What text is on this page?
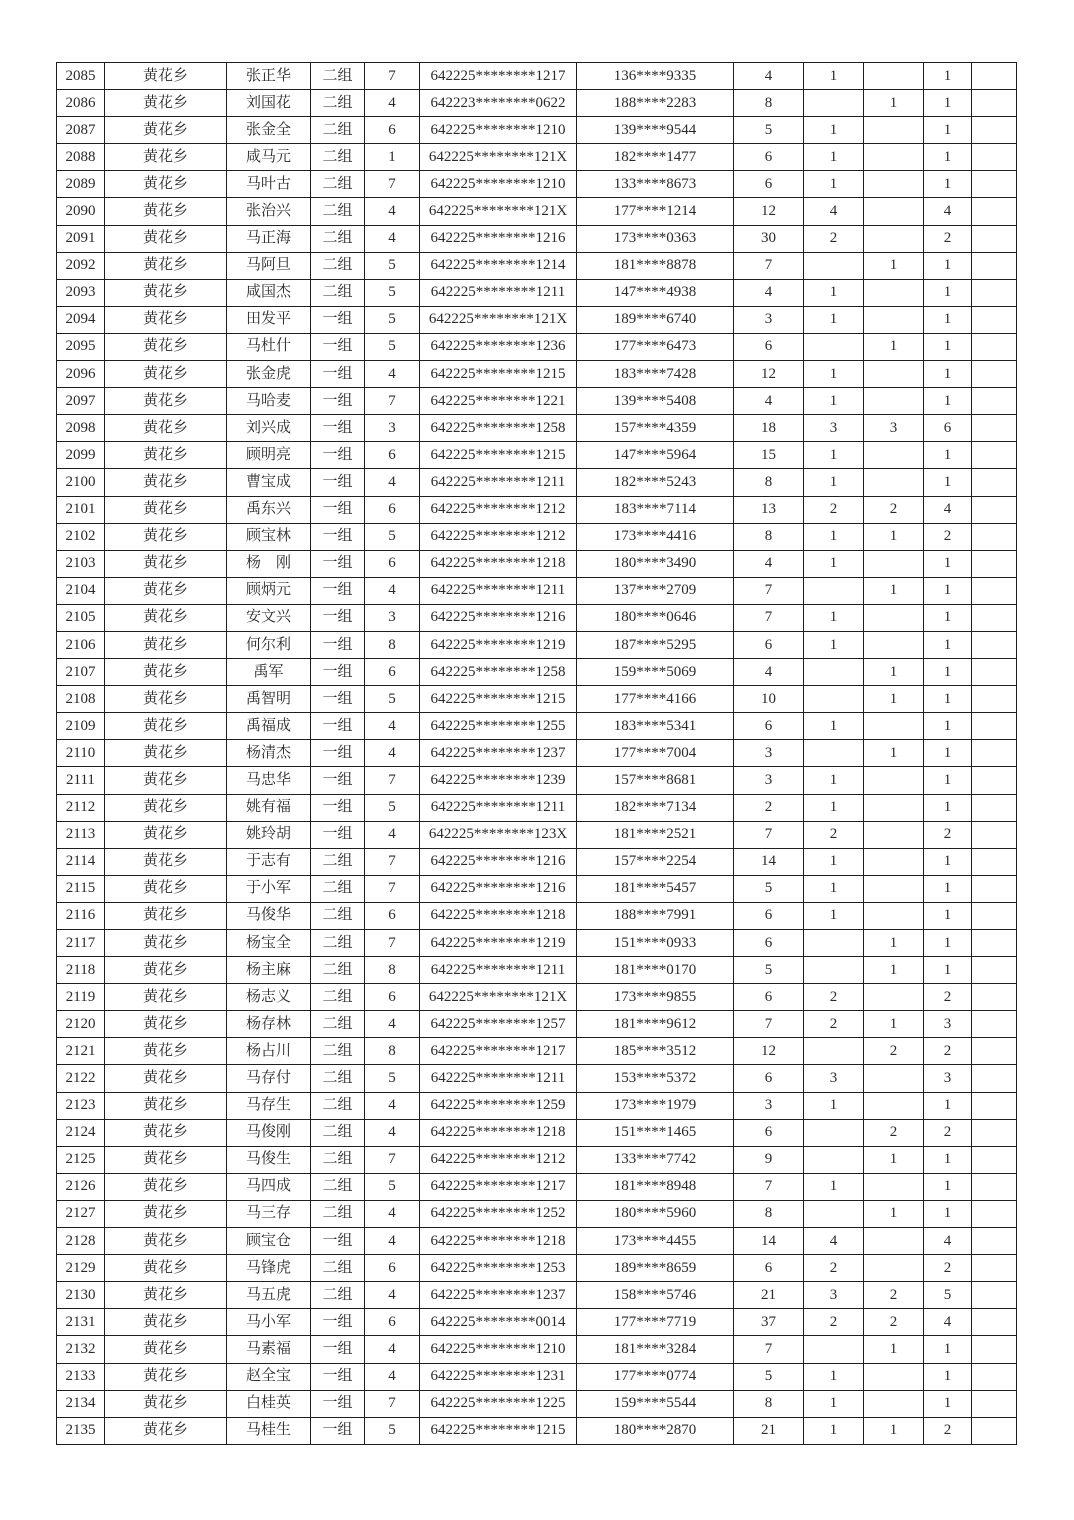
2085	黄花乡	张正华	二组	7	642225********1217	136****9335	4	1		1	
2086	黄花乡	刘国花	二组	4	642223********0622	188****2283	8		1	1	
2087	黄花乡	张金全	二组	6	642225********1210	139****9544	5	1		1	
2088	黄花乡	咸马元	二组	1	642225********121X	182****1477	6	1		1	
2089	黄花乡	马叶古	二组	7	642225********1210	133****8673	6	1		1	
2090	黄花乡	张治兴	二组	4	642225********121X	177****1214	12	4		4	
2091	黄花乡	马正海	二组	4	642225********1216	173****0363	30	2		2	
2092	黄花乡	马阿旦	二组	5	642225********1214	181****8878	7		1	1	
2093	黄花乡	咸国杰	二组	5	642225********1211	147****4938	4	1		1	
2094	黄花乡	田发平	一组	5	642225********121X	189****6740	3	1		1	
2095	黄花乡	马杜什	一组	5	642225********1236	177****6473	6		1	1	
2096	黄花乡	张金虎	一组	4	642225********1215	183****7428	12	1		1	
2097	黄花乡	马哈麦	一组	7	642225********1221	139****5408	4	1		1	
2098	黄花乡	刘兴成	一组	3	642225********1258	157****4359	18	3	3	6	
2099	黄花乡	顾明亮	一组	6	642225********1215	147****5964	15	1		1	
2100	黄花乡	曹宝成	一组	4	642225********1211	182****5243	8	1		1	
2101	黄花乡	禹东兴	一组	6	642225********1212	183****7114	13	2	2	4	
2102	黄花乡	顾宝林	一组	5	642225********1212	173****4416	8	1	1	2	
2103	黄花乡	杨　刚	一组	6	642225********1218	180****3490	4	1		1	
2104	黄花乡	顾炳元	一组	4	642225********1211	137****2709	7		1	1	
2105	黄花乡	安文兴	一组	3	642225********1216	180****0646	7	1		1	
2106	黄花乡	何尔利	一组	8	642225********1219	187****5295	6	1		1	
2107	黄花乡	禹军	一组	6	642225********1258	159****5069	4		1	1	
2108	黄花乡	禹智明	一组	5	642225********1215	177****4166	10		1	1	
2109	黄花乡	禹福成	一组	4	642225********1255	183****5341	6	1		1	
2110	黄花乡	杨清杰	一组	4	642225********1237	177****7004	3		1	1	
2111	黄花乡	马忠华	一组	7	642225********1239	157****8681	3	1		1	
2112	黄花乡	姚有福	一组	5	642225********1211	182****7134	2	1		1	
2113	黄花乡	姚玲胡	一组	4	642225********123X	181****2521	7	2		2	
2114	黄花乡	于志有	二组	7	642225********1216	157****2254	14	1		1	
2115	黄花乡	于小军	二组	7	642225********1216	181****5457	5	1		1	
2116	黄花乡	马俊华	二组	6	642225********1218	188****7991	6	1		1	
2117	黄花乡	杨宝全	二组	7	642225********1219	151****0933	6		1	1	
2118	黄花乡	杨主麻	二组	8	642225********1211	181****0170	5		1	1	
2119	黄花乡	杨志义	二组	6	642225********121X	173****9855	6	2		2	
2120	黄花乡	杨存林	二组	4	642225********1257	181****9612	7	2	1	3	
2121	黄花乡	杨占川	二组	8	642225********1217	185****3512	12		2	2	
2122	黄花乡	马存付	二组	5	642225********1211	153****5372	6	3		3	
2123	黄花乡	马存生	二组	4	642225********1259	173****1979	3	1		1	
2124	黄花乡	马俊刚	二组	4	642225********1218	151****1465	6		2	2	
2125	黄花乡	马俊生	二组	7	642225********1212	133****7742	9		1	1	
2126	黄花乡	马四成	二组	5	642225********1217	181****8948	7	1		1	
2127	黄花乡	马三存	二组	4	642225********1252	180****5960	8		1	1	
2128	黄花乡	顾宝仓	一组	4	642225********1218	173****4455	14	4		4	
2129	黄花乡	马锋虎	二组	6	642225********1253	189****8659	6	2		2	
2130	黄花乡	马五虎	二组	4	642225********1237	158****5746	21	3	2	5	
2131	黄花乡	马小军	一组	6	642225********0014	177****7719	37	2	2	4	
2132	黄花乡	马素福	一组	4	642225********1210	181****3284	7		1	1	
2133	黄花乡	赵全宝	一组	4	642225********1231	177****0774	5	1		1	
2134	黄花乡	白桂英	一组	7	642225********1225	159****5544	8	1		1	
2135	黄花乡	马桂生	一组	5	642225********1215	180****2870	21	1	1	2	
